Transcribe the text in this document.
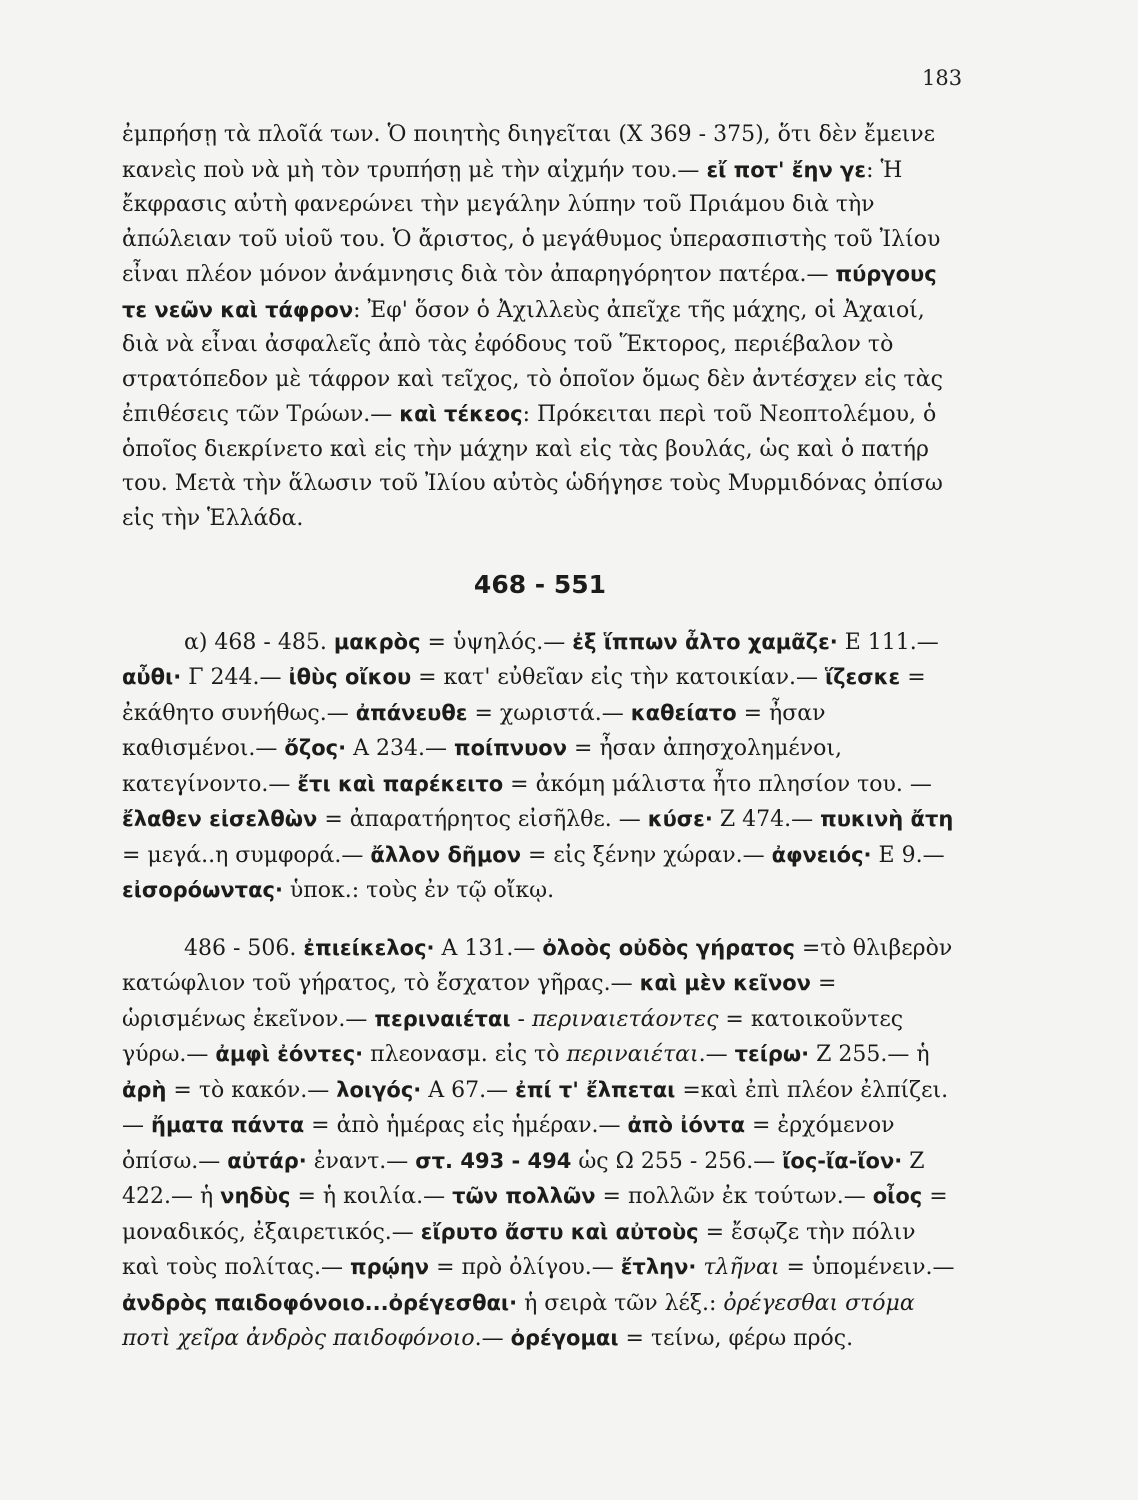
183

ἐμπρήσῃ τὰ πλοῖά των. Ὁ ποιητὴς διηγεῖται (X 369 - 375), ὅτι δὲν ἔμεινε κανεὶς ποὺ νὰ μὴ τὸν τρυπήσῃ μὲ τὴν αἰχμήν του.— εἴ ποτ' ἔην γε: Ἡ ἔκφρασις αὐτὴ φανερώνει τὴν μεγάλην λύπην τοῦ Πριάμου διὰ τὴν ἀπώλειαν τοῦ υἱοῦ του. Ὁ ἄριστος, ὁ μεγάθυμος ὑπερασπιστὴς τοῦ Ἰλίου εἶναι πλέον μόνον ἀνάμνησις διὰ τὸν ἀπαρηγόρητον πατέρα.— πύργους τε νεῶν καὶ τάφρον: Ἐφ' ὅσον ὁ Ἀχιλλεὺς ἀπεῖχε τῆς μάχης, οἱ Ἀχαιοί, διὰ νὰ εἶναι ἀσφαλεῖς ἀπὸ τὰς ἐφόδους τοῦ Ἕκτορος, περιέβαλον τὸ στρατόπεδον μὲ τάφρον καὶ τεῖχος, τὸ ὁποῖον ὅμως δὲν ἀντέσχεν εἰς τὰς ἐπιθέσεις τῶν Τρώων.— καὶ τέκεος: Πρόκειται περὶ τοῦ Νεοπτολέμου, ὁ ὁποῖος διεκρίνετο καὶ εἰς τὴν μάχην καὶ εἰς τὰς βουλάς, ὡς καὶ ὁ πατήρ του. Μετὰ τὴν ἅλωσιν τοῦ Ἰλίου αὐτὸς ὡδήγησε τοὺς Μυρμιδόνας ὀπίσω εἰς τὴν Ἑλλάδα.

468 - 551

α) 468 - 485. μακρὸς = ὑψηλός.— ἐξ ἵππων ἆλτο χαμᾶζε· E 111.— αὖθι· Γ 244.— ἰθὺς οἴκου = κατ' εὐθεῖαν εἰς τὴν κατοικίαν.— ἵζεσκε = ἐκάθητο συνήθως.— ἀπάνευθε = χωριστά.— καθείατο = ἦσαν καθισμένοι.— ὄζος· A 234.— ποίπνυον = ἦσαν ἀπησχολημένοι, κατεγίνοντο.— ἔτι καὶ παρέκειτο = ἀκόμη μάλιστα ἦτο πλησίον του. — ἔλαθεν εἰσελθὼν = ἀπαρατήρητος εἰσῆλθε. — κύσε· Z 474.— πυκινὴ ἄτη = μεγά..η συμφορά.— ἄλλον δῆμον = εἰς ξένην χώραν.— ἀφνειός· E 9.— εἰσορόωντας· ὑποκ.: τοὺς ἐν τῷ οἴκῳ.

486 - 506. ἐπιείκελος· A 131.— ὀλοὸς οὐδὸς γήρατος =τὸ θλιβερὸν κατώφλιον τοῦ γήρατος, τὸ ἔσχατον γῆρας.— καὶ μὲν κεῖνον = ὡρισμένως ἐκεῖνον.— περιναιέται - περιναιετάοντες = κατοικοῦντες γύρω.— ἀμφὶ ἐόντες· πλεονασμ. εἰς τὸ περιναιέται.— τείρω· Z 255.— ἡ ἀρὴ = τὸ κακόν.— λοιγός· A 67.— ἐπί τ' ἔλπεται =καὶ ἐπὶ πλέον ἐλπίζει.— ἤματα πάντα = ἀπὸ ἡμέρας εἰς ἡμέραν.— ἀπὸ ἰόντα = ἐρχόμενον ὀπίσω.— αὐτάρ· ἐναντ.— στ. 493 - 494 ὡς Ω 255 - 256.— ἴος-ἴα-ἴον· Z 422.— ἡ νηδὺς = ἡ κοιλία.— τῶν πολλῶν = πολλῶν ἐκ τούτων.— οἶος = μοναδικός, ἐξαιρετικός.— εἴρυτο ἄστυ καὶ αὐτοὺς = ἔσῳζε τὴν πόλιν καὶ τοὺς πολίτας.— πρῴην = πρὸ ὀλίγου.— ἔτλην· τλῆναι = ὑπομένειν.— ἀνδρὸς παιδοφόνοιο...ὀρέγεσθαι· ἡ σειρὰ τῶν λέξ.: ὀρέγεσθαι στόμα ποτὶ χεῖρα ἀνδρὸς παιδοφόνοιο.— ὀρέγομαι = τείνω, φέρω πρός.
